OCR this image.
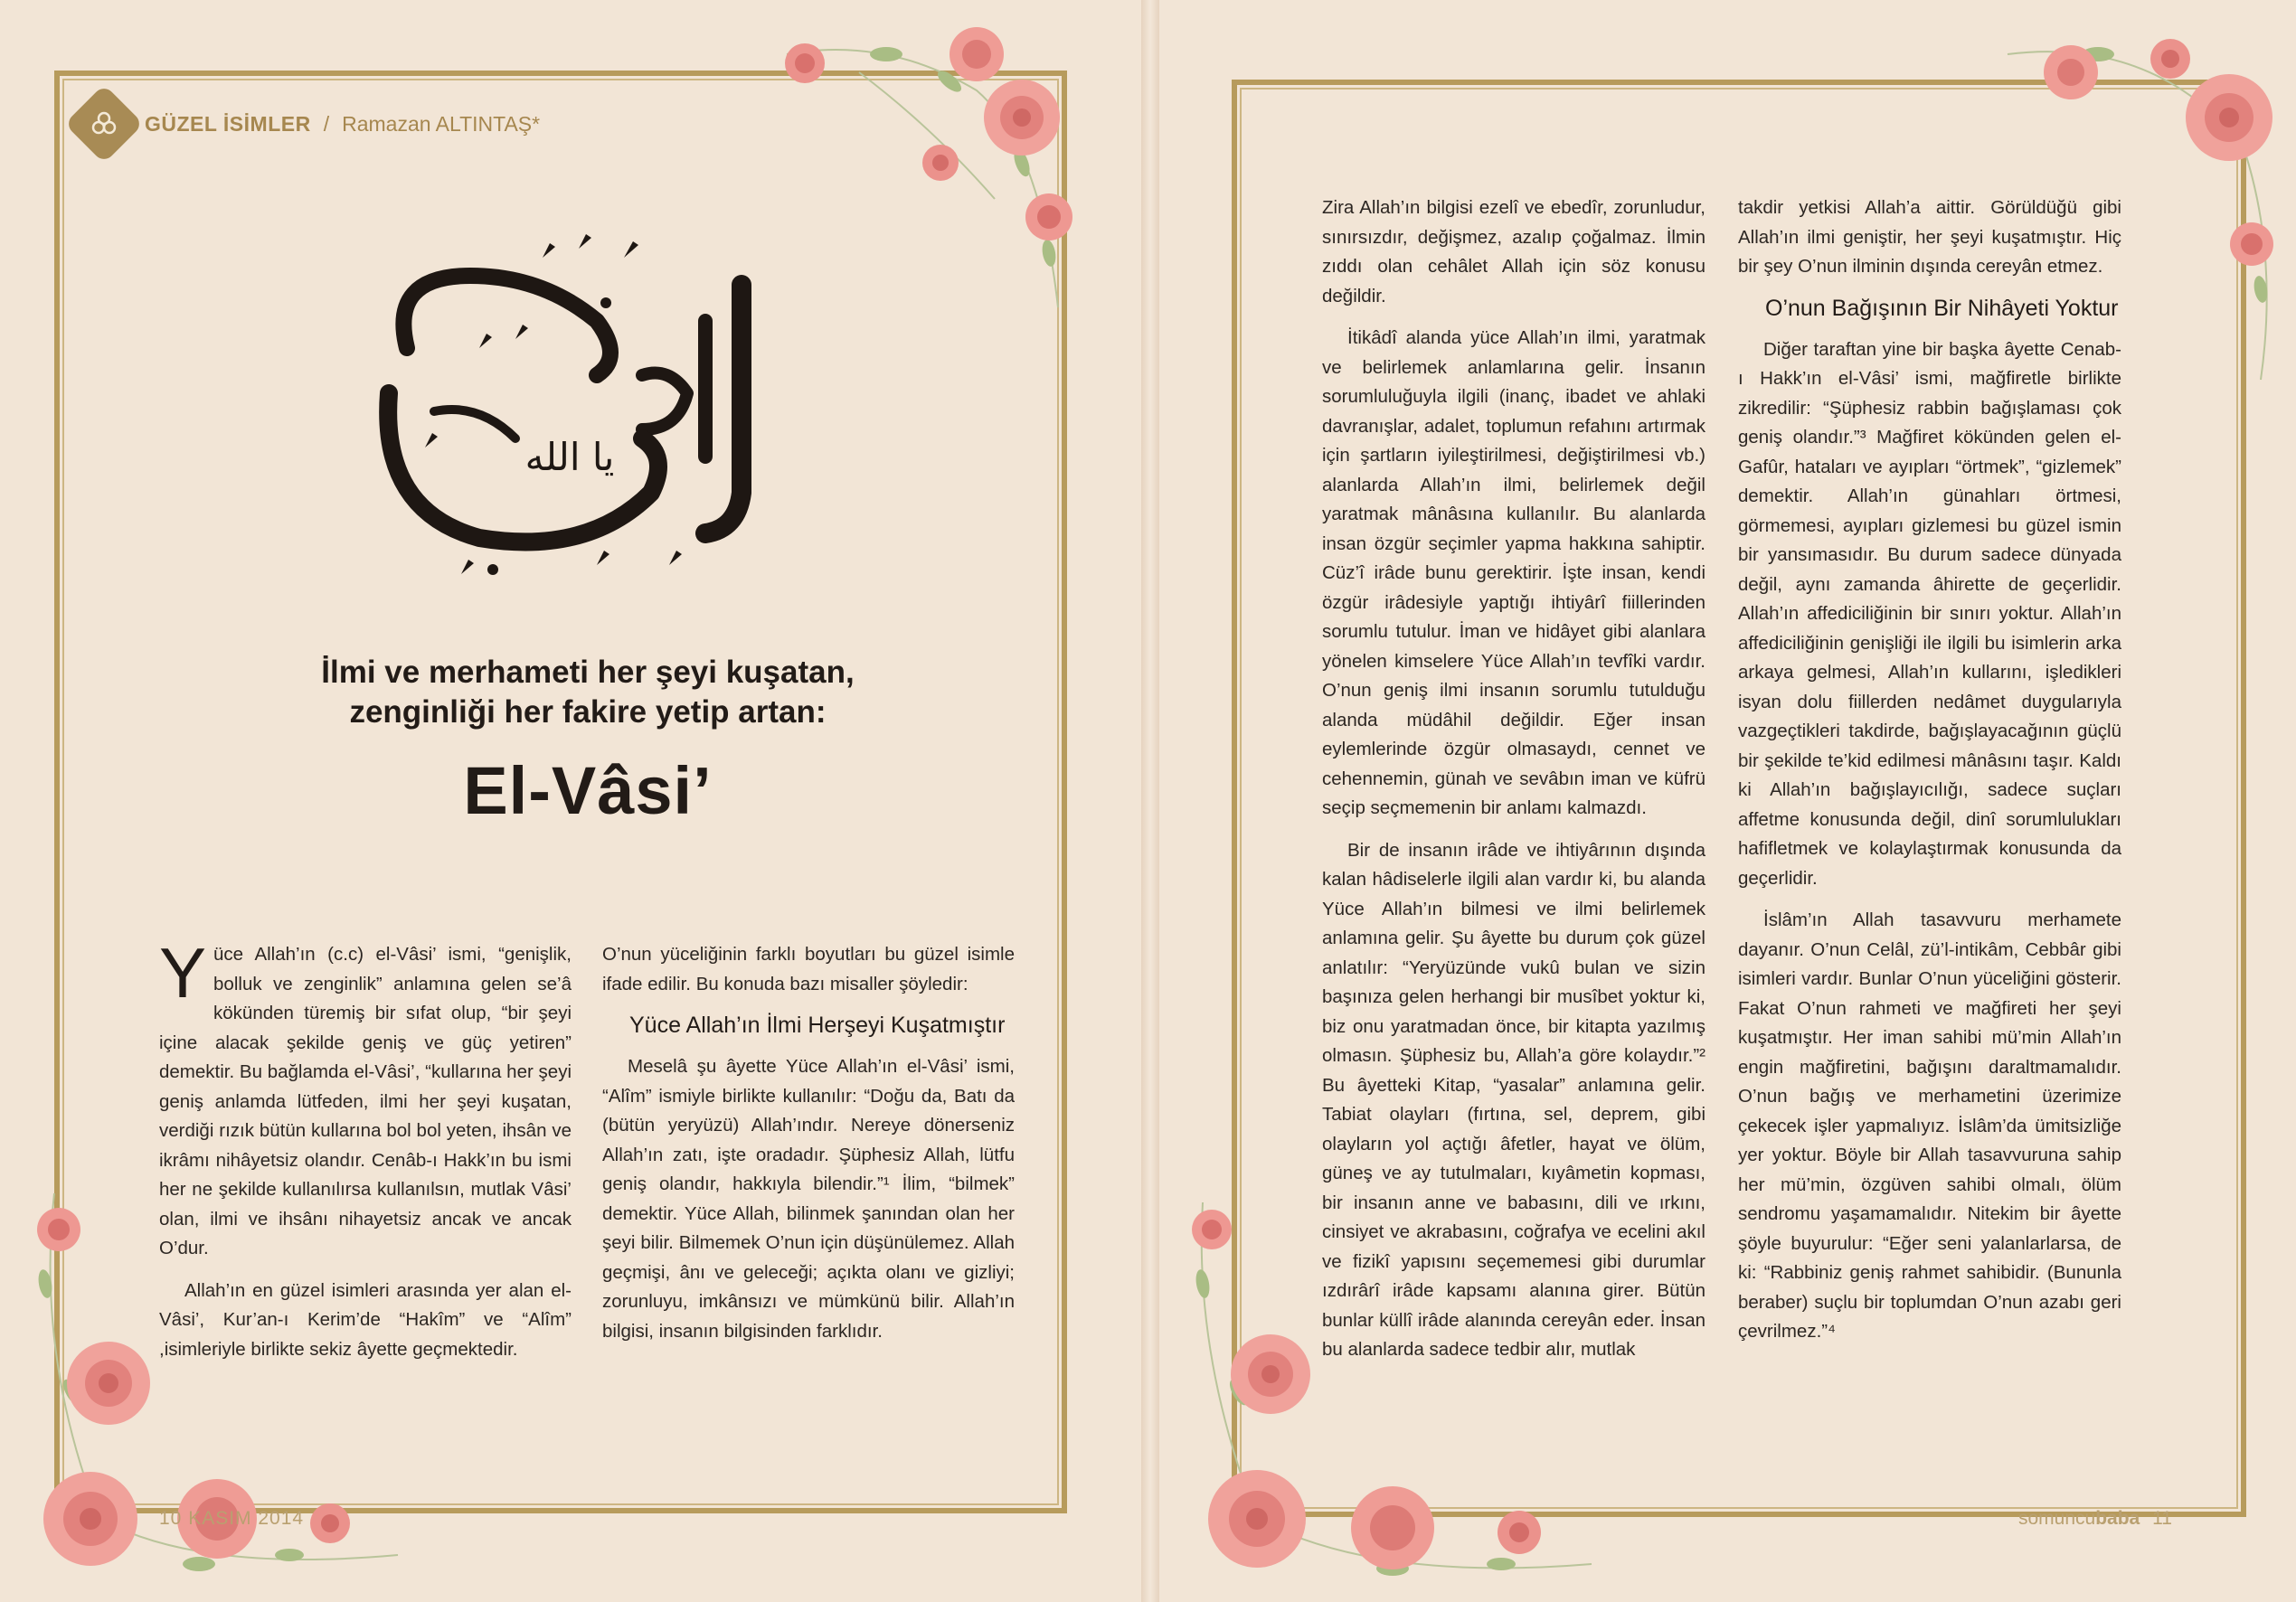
GÜZEL İSİMLER / Ramazan ALTINTAŞ*
يا الله
İlmi ve merhameti her şeyi kuşatan,
zenginliği her fakire yetip artan:
El-Vâsi’

Yüce Allah’ın (c.c) el-Vâsi’ ismi, “genişlik, bolluk ve zenginlik” anlamına gelen se’â kökünden türemiş bir sıfat olup, “bir şeyi içine alacak şekilde geniş ve güç yetiren” demektir. Bu bağlamda el-Vâsi’, “kullarına her şeyi geniş anlamda lütfeden, ilmi her şeyi kuşatan, verdiği rızık bütün kullarına bol bol yeten, ihsân ve ikrâmı nihâyetsiz olandır. Cenâb-ı Hakk’ın bu ismi her ne şekilde kullanılırsa kullanılsın, mutlak Vâsi’ olan, ilmi ve ihsânı nihayetsiz ancak ve ancak O’dur.

Allah’ın en güzel isimleri arasında yer alan el-Vâsi’, Kur’an-ı Kerim’de “Hakîm” ve “Alîm” ,isimleriyle birlikte sekiz âyette geçmektedir.

O’nun yüceliğinin farklı boyutları bu güzel isimle ifade edilir. Bu konuda bazı misaller şöyledir:

Yüce Allah’ın İlmi Herşeyi Kuşatmıştır

Meselâ şu âyette Yüce Allah’ın el-Vâsi’ ismi, “Alîm” ismiyle birlikte kullanılır: “Doğu da, Batı da (bütün yeryüzü) Allah’ındır. Nereye dönerseniz Allah’ın zatı, işte oradadır. Şüphesiz Allah, lütfu geniş olandır, hakkıyla bilendir.”¹ İlim, “bilmek” demektir. Yüce Allah, bilinmek şanından olan her şeyi bilir. Bilmemek O’nun için düşünülemez. Allah geçmişi, ânı ve geleceği; açıkta olanı ve gizliyi; zorunluyu, imkânsızı ve mümkünü bilir. Allah’ın bilgisi, insanın bilgisinden farklıdır.

10 KASIM 2014

Zira Allah’ın bilgisi ezelî ve ebedîr, zorunludur, sınırsızdır, değişmez, azalıp çoğalmaz. İlmin zıddı olan cehâlet Allah için söz konusu değildir.

İtikâdî alanda yüce Allah’ın ilmi, yaratmak ve belirlemek anlamlarına gelir. İnsanın sorumluluğuyla ilgili (inanç, ibadet ve ahlaki davranışlar, adalet, toplumun refahını artırmak için şartların iyileştirilmesi, değiştirilmesi vb.) alanlarda Allah’ın ilmi, belirlemek değil yaratmak mânâsına kullanılır. Bu alanlarda insan özgür seçimler yapma hakkına sahiptir. Cüz’î irâde bunu gerektirir. İşte insan, kendi özgür irâdesiyle yaptığı ihtiyârî fiillerinden sorumlu tutulur. İman ve hidâyet gibi alanlara yönelen kimselere Yüce Allah’ın tevfîki vardır. O’nun geniş ilmi insanın sorumlu tutulduğu alanda müdâhil değildir. Eğer insan eylemlerinde özgür olmasaydı, cennet ve cehennemin, günah ve sevâbın iman ve küfrü seçip seçmemenin bir anlamı kalmazdı.

Bir de insanın irâde ve ihtiyârının dışında kalan hâdiselerle ilgili alan vardır ki, bu alanda Yüce Allah’ın bilmesi ve ilmi belirlemek anlamına gelir. Şu âyette bu durum çok güzel anlatılır: “Yeryüzünde vukû bulan ve sizin başınıza gelen herhangi bir musîbet yoktur ki, biz onu yaratmadan önce, bir kitapta yazılmış olmasın. Şüphesiz bu, Allah’a göre kolaydır.”² Bu âyetteki Kitap, “yasalar” anlamına gelir. Tabiat olayları (fırtına, sel, deprem, gibi olayların yol açtığı âfetler, hayat ve ölüm, güneş ve ay tutulmaları, kıyâmetin kopması, bir insanın anne ve babasını, dili ve ırkını, cinsiyet ve akrabasını, coğrafya ve ecelini akıl ve fizikî yapısını seçememesi gibi durumlar ızdırârî irâde kapsamı alanına girer. Bütün bunlar küllî irâde alanında cereyân eder. İnsan bu alanlarda sadece tedbir alır, mutlak

takdir yetkisi Allah’a aittir. Görüldüğü gibi Allah’ın ilmi geniştir, her şeyi kuşatmıştır. Hiç bir şey O’nun ilminin dışında cereyân etmez.

O’nun Bağışının Bir Nihâyeti Yoktur

Diğer taraftan yine bir başka âyette Cenab-ı Hakk’ın el-Vâsi’ ismi, mağfiretle birlikte zikredilir: “Şüphesiz rabbin bağışlaması çok geniş olandır.”³ Mağfiret kökünden gelen el-Gafûr, hataları ve ayıpları “örtmek”, “gizlemek” demektir. Allah’ın günahları örtmesi, görmemesi, ayıpları gizlemesi bu güzel ismin bir yansımasıdır. Bu durum sadece dünyada değil, aynı zamanda âhirette de geçerlidir. Allah’ın affediciliğinin bir sınırı yoktur. Allah’ın affediciliğinin genişliği ile ilgili bu isimlerin arka arkaya gelmesi, Allah’ın kullarını, işledikleri isyan dolu fiillerden nedâmet duygularıyla vazgeçtikleri takdirde, bağışlayacağının güçlü bir şekilde te’kid edilmesi mânâsını taşır. Kaldı ki Allah’ın bağışlayıcılığı, sadece suçları affetme konusunda değil, dinî sorumlulukları hafifletmek ve kolaylaştırmak konusunda da geçerlidir.

İslâm’ın Allah tasavvuru merhamete dayanır. O’nun Celâl, zü’l-intikâm, Cebbâr gibi isimleri vardır. Bunlar O’nun yüceliğini gösterir. Fakat O’nun rahmeti ve mağfireti her şeyi kuşatmıştır. Her iman sahibi mü’min Allah’ın engin mağfiretini, bağışını daraltmamalıdır. O’nun bağış ve merhametini üzerimize çekecek işler yapmalıyız. İslâm’da ümitsizliğe yer yoktur. Böyle bir Allah tasavvuruna sahip her mü’min, özgüven sahibi olmalı, ölüm sendromu yaşamamalıdır. Nitekim bir âyette şöyle buyurulur: “Eğer seni yalanlarlarsa, de ki: “Rabbiniz geniş rahmet sahibidir. (Bununla beraber) suçlu bir toplumdan O’nun azabı geri çevrilmez.”⁴

somuncubaba 11
